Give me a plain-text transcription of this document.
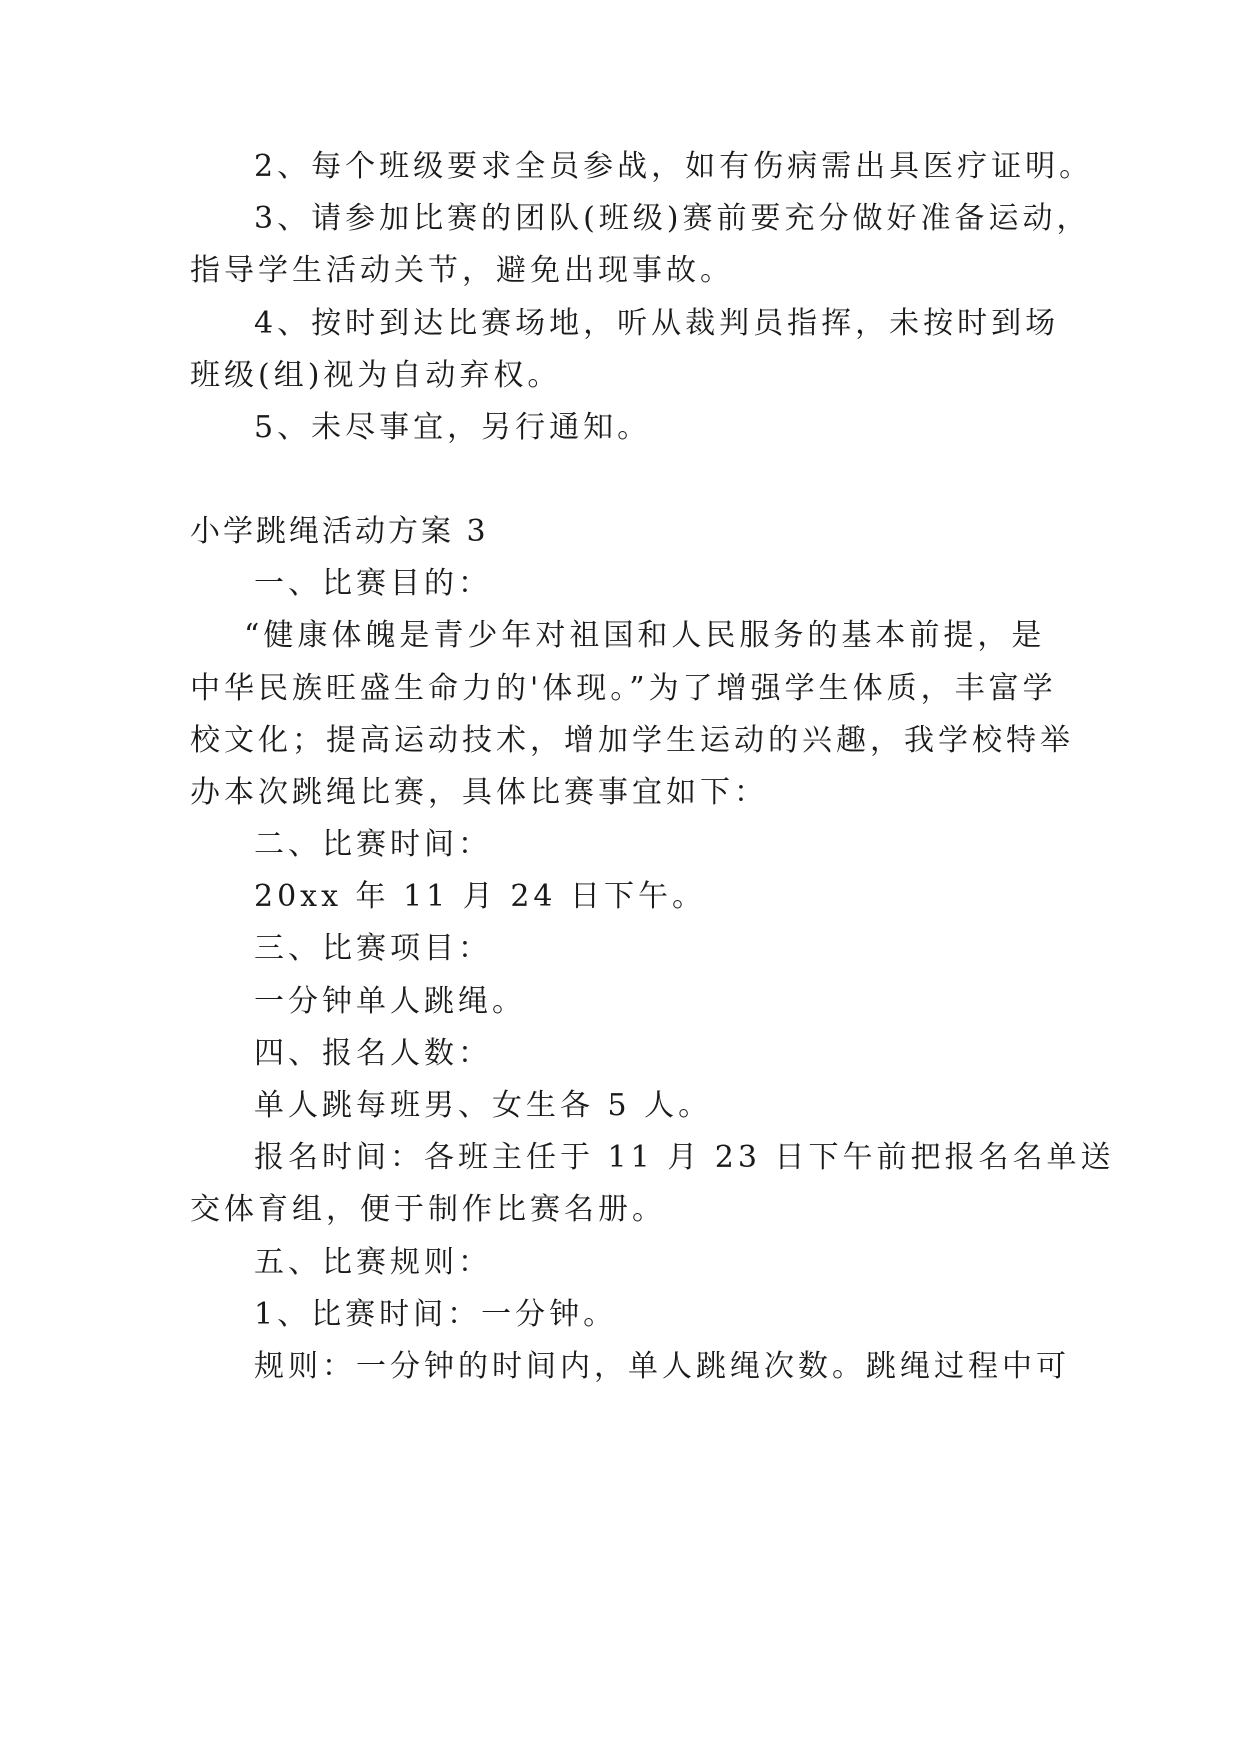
2、每个班级要求全员参战，如有伤病需出具医疗证明。
3、请参加比赛的团队(班级)赛前要充分做好准备运动，
指导学生活动关节，避免出现事故。
4、按时到达比赛场地，听从裁判员指挥，未按时到场
班级(组)视为自动弃权。
5、未尽事宜，另行通知。
小学跳绳活动方案 3
一、比赛目的：
“健康体魄是青少年对祖国和人民服务的基本前提，是
中华民族旺盛生命力的'体现。”为了增强学生体质，丰富学
校文化；提高运动技术，增加学生运动的兴趣，我学校特举
办本次跳绳比赛，具体比赛事宜如下：
二、比赛时间：
20xx 年 11 月 24 日下午。
三、比赛项目：
一分钟单人跳绳。
四、报名人数：
单人跳每班男、女生各 5 人。
报名时间：各班主任于 11 月 23 日下午前把报名名单送
交体育组，便于制作比赛名册。
五、比赛规则：
1、比赛时间：一分钟。
规则：一分钟的时间内，单人跳绳次数。跳绳过程中可
